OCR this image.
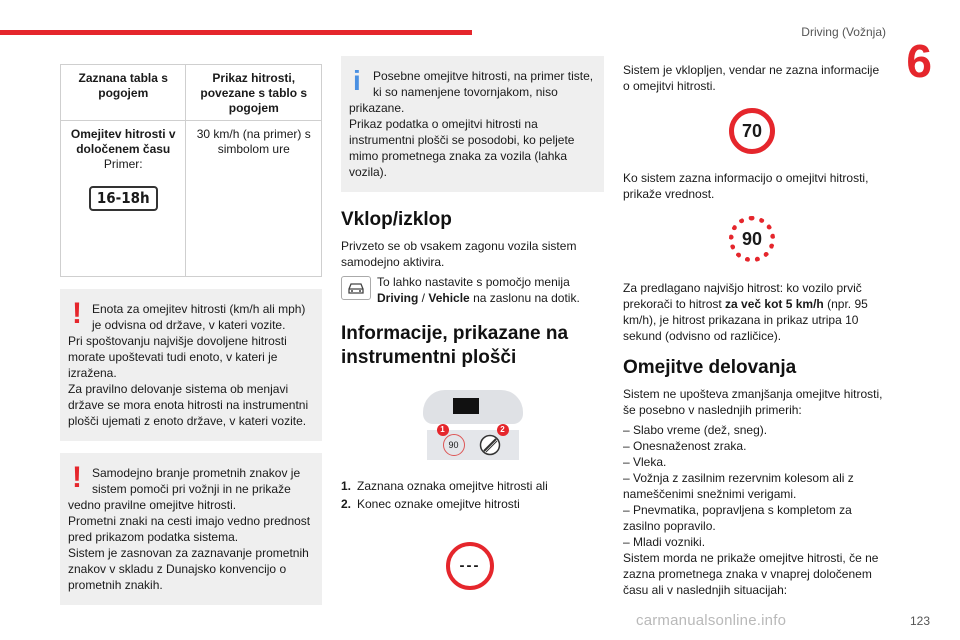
Driving (Vožnja)
6
Zaznana tabla s pogojem	Prikaz hitrosti, povezane s tablo s pogojem

Omejitev hitrosti v določenem času
Primer:
16-18h	30 km/h (na primer) s simbolom ure
! Enota za omejitev hitrosti (km/h ali mph) je odvisna od države, v kateri vozite.

Pri spoštovanju najvišje dovoljene hitrosti morate upoštevati tudi enoto, v kateri je izražena.

Za pravilno delovanje sistema ob menjavi države se mora enota hitrosti na instrumentni plošči ujemati z enoto države, v kateri vozite.

! Samodejno branje prometnih znakov je sistem pomoči pri vožnji in ne prikaže

vedno pravilne omejitve hitrosti.

Prometni znaki na cesti imajo vedno prednost pred prikazom podatka sistema.

Sistem je zasnovan za zaznavanje prometnih znakov v skladu z Dunajsko konvencijo o prometnih znakih.

i	Posebne omejitve hitrosti, na primer tiste, ki so namenjene tovornjakom, niso

prikazane.

Prikaz podatka o omejitvi hitrosti na instrumentni plošči se posodobi, ko peljete mimo prometnega znaka za vozila (lahka vozila).

Vklop/izklop

Privzeto se ob vsakem zagonu vozila sistem samodejno aktivira.

To lahko nastavite s pomočjo menija Driving / Vehicle na zaslonu na dotik.

Informacije, prikazane na instrumentni plošči
90
1	2
1. Zaznana oznaka omejitve hitrosti ali
2. Konec oznake omejitve hitrosti
---

Sistem je vklopljen, vendar ne zazna informacije o omejitvi hitrosti.

70

Ko sistem zazna informacijo o omejitvi hitrosti, prikaže vrednost.

90

Za predlagano najvišjo hitrost: ko vozilo prvič prekorači to hitrost za več kot 5 km/h (npr. 95 km/h), je hitrost prikazana in prikaz utripa 10 sekund (odvisno od različice).

Omejitve delovanja

Sistem ne upošteva zmanjšanja omejitve hitrosti, še posebno v naslednjih primerih:

– Slabo vreme (dež, sneg).

– Onesnaženost zraka.

– Vleka.

– Vožnja z zasilnim rezervnim kolesom ali z nameščenimi snežnimi verigami.

– Pnevmatika, popravljena s kompletom za zasilno popravilo.

– Mladi vozniki.

Sistem morda ne prikaže omejitve hitrosti, če ne zazna prometnega znaka v vnaprej določenem času ali v naslednjih situacijah:

carmanualsonline.info	123
